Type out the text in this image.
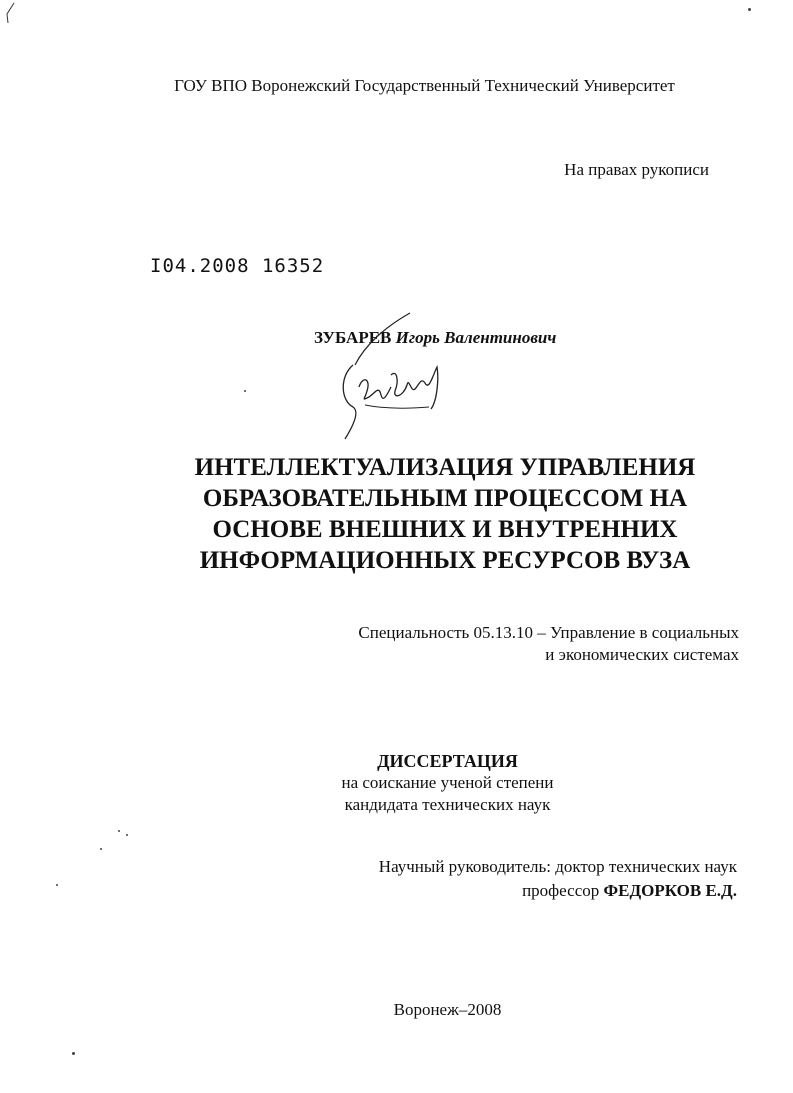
ГОУ ВПО Воронежский Государственный Технический Университет
На правах рукописи
I04.2008 16352
ЗУБАРЕВ Игорь Валентинович
ИНТЕЛЛЕКТУАЛИЗАЦИЯ УПРАВЛЕНИЯ
ОБРАЗОВАТЕЛЬНЫМ ПРОЦЕССОМ НА
ОСНОВЕ ВНЕШНИХ И ВНУТРЕННИХ
ИНФОРМАЦИОННЫХ РЕСУРСОВ ВУЗА
Специальность 05.13.10 – Управление в социальных
и экономических системах
ДИССЕРТАЦИЯ
на соискание ученой степени
кандидата технических наук
Научный руководитель: доктор технических наук
профессор ФЕДОРКОВ Е.Д.
Воронеж–2008
